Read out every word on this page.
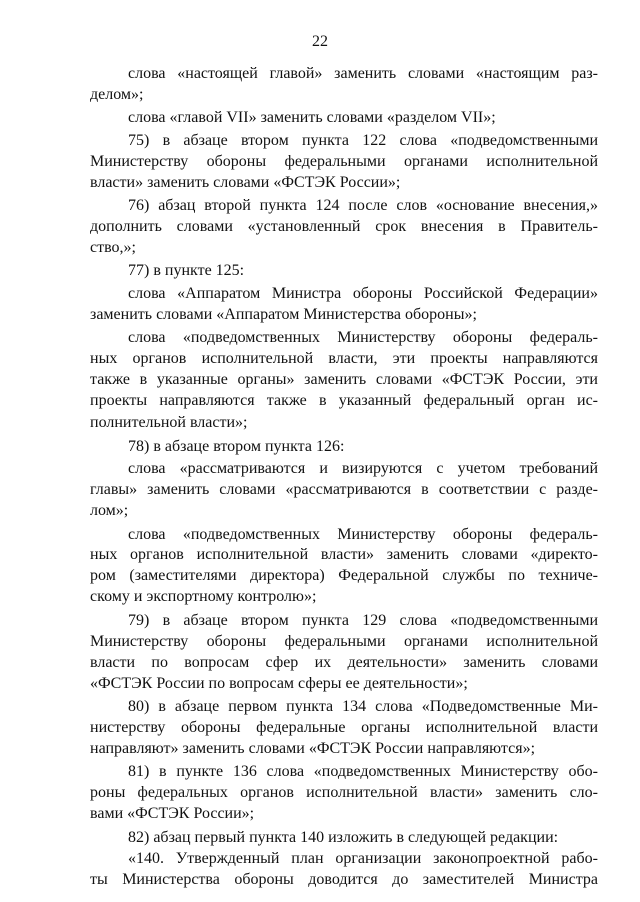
22
слова «настоящей главой» заменить словами «настоящим раз-
делом»;
слова «главой VII» заменить словами «разделом VII»;
75) в абзаце втором пункта 122 слова «подведомственными
Министерству обороны федеральными органами исполнительной
власти» заменить словами «ФСТЭК России»;
76) абзац второй пункта 124 после слов «основание внесения,»
дополнить словами «установленный срок внесения в Правитель-
ство,»;
77) в пункте 125:
слова «Аппаратом Министра обороны Российской Федерации»
заменить словами «Аппаратом Министерства обороны»;
слова «подведомственных Министерству обороны федераль-
ных органов исполнительной власти, эти проекты направляются
также в указанные органы» заменить словами «ФСТЭК России, эти
проекты направляются также в указанный федеральный орган ис-
полнительной власти»;
78) в абзаце втором пункта 126:
слова «рассматриваются и визируются с учетом требований
главы» заменить словами «рассматриваются в соответствии с разде-
лом»;
слова «подведомственных Министерству обороны федераль-
ных органов исполнительной власти» заменить словами «директо-
ром (заместителями директора) Федеральной службы по техниче-
скому и экспортному контролю»;
79) в абзаце втором пункта 129 слова «подведомственными
Министерству обороны федеральными органами исполнительной
власти по вопросам сфер их деятельности» заменить словами
«ФСТЭК России по вопросам сферы ее деятельности»;
80) в абзаце первом пункта 134 слова «Подведомственные Ми-
нистерству обороны федеральные органы исполнительной власти
направляют» заменить словами «ФСТЭК России направляются»;
81) в пункте 136 слова «подведомственных Министерству обо-
роны федеральных органов исполнительной власти» заменить сло-
вами «ФСТЭК России»;
82) абзац первый пункта 140 изложить в следующей редакции:
«140. Утвержденный план организации законопроектной рабо-
ты Министерства обороны доводится до заместителей Министра
